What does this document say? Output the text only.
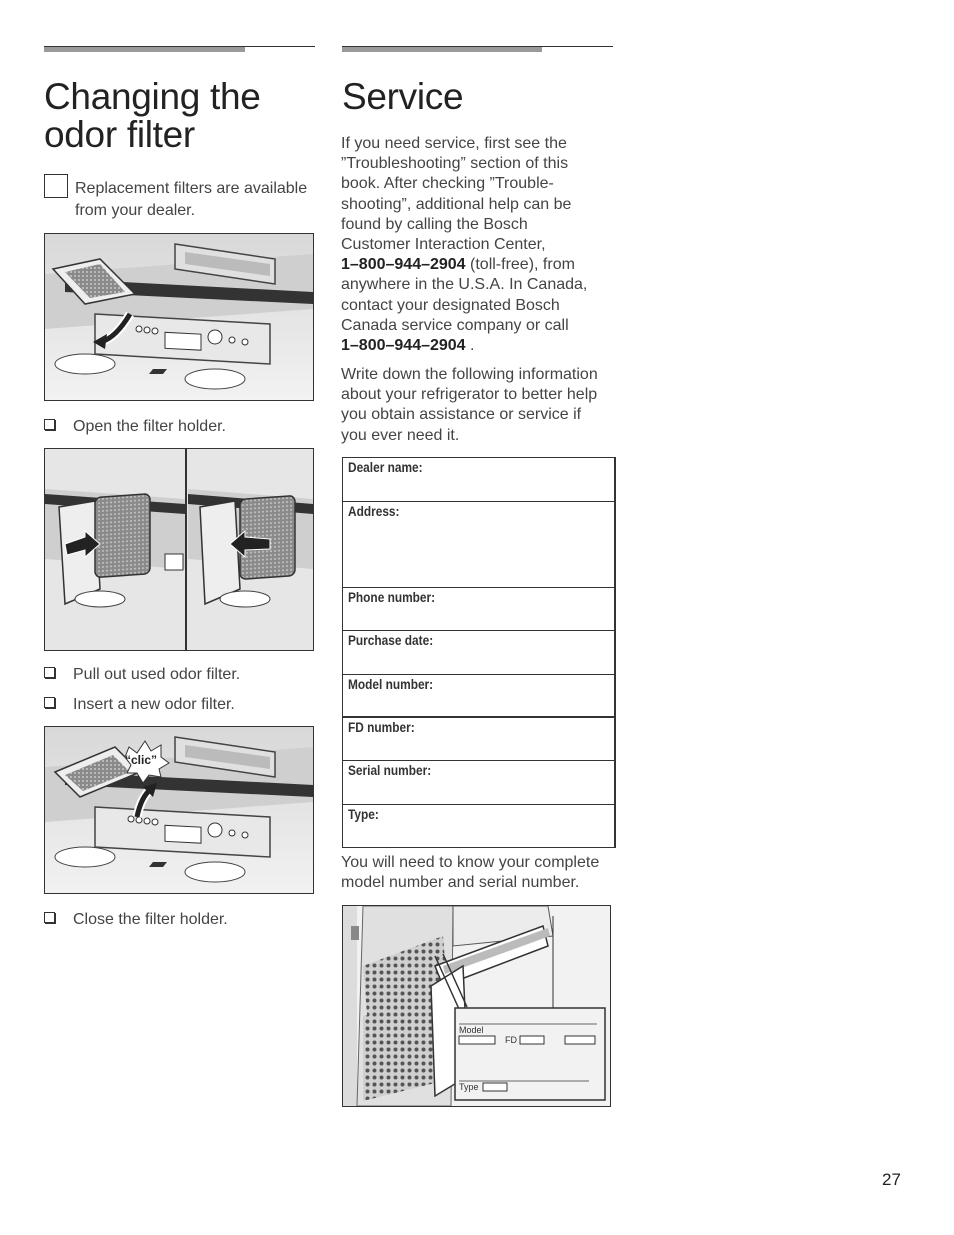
Changing the
odor filter
Replacement filters are available
from your dealer.
Open the filter holder.
Pull out used odor filter.
Insert a new odor filter.
“clic”
Close the filter holder.
Service
If you need service, first see the
”Troubleshooting” section of this
book. After checking ”Trouble-
shooting”, additional help can be
found by calling the Bosch
Customer Interaction Center,
1–800–944–2904 (toll-free), from
anywhere in the U.S.A. In Canada,
contact your designated Bosch
Canada service company or call
1–800–944–2904 .
Write down the following information
about your refrigerator to better help
you obtain assistance or service if
you ever need it.
Dealer name:
Address:
Phone number:
Purchase date:
Model number:
FD number:
Serial number:
Type:
You will need to know your complete
model number and serial number.
Model
FD
Type
27
